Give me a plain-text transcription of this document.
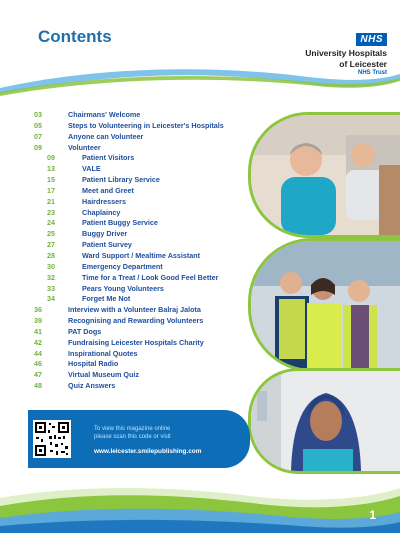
Contents	NHS
University Hospitals
of Leicester
NHS Trust
03	Chairmans' Welcome
05	Steps to Volunteering in Leicester's Hospitals
07	Anyone can Volunteer
09	Volunteer
09	Patient Visitors
13	VALE
15	Patient Library Service
17	Meet and Greet
21	Hairdressers
23	Chaplaincy
24	Patient Buggy Service
25	Buggy Driver
27	Patient Survey
28	Ward Support / Mealtime Assistant
30	Emergency Department
32	Time for a Treat / Look Good Feel Better
33	Pears Young Volunteers
34	Forget Me Not
36	Interview with a Volunteer Balraj Jalota
39	Recognising and Rewarding Volunteers
41	PAT Dogs
42	Fundraising Leicester Hospitals Charity
44	Inspirational Quotes
46	Hospital Radio
47	Virtual Museum Quiz
48	Quiz Answers
To view this magazine online
please scan this code or visit
www.leicester.smilepublishing.com
1
